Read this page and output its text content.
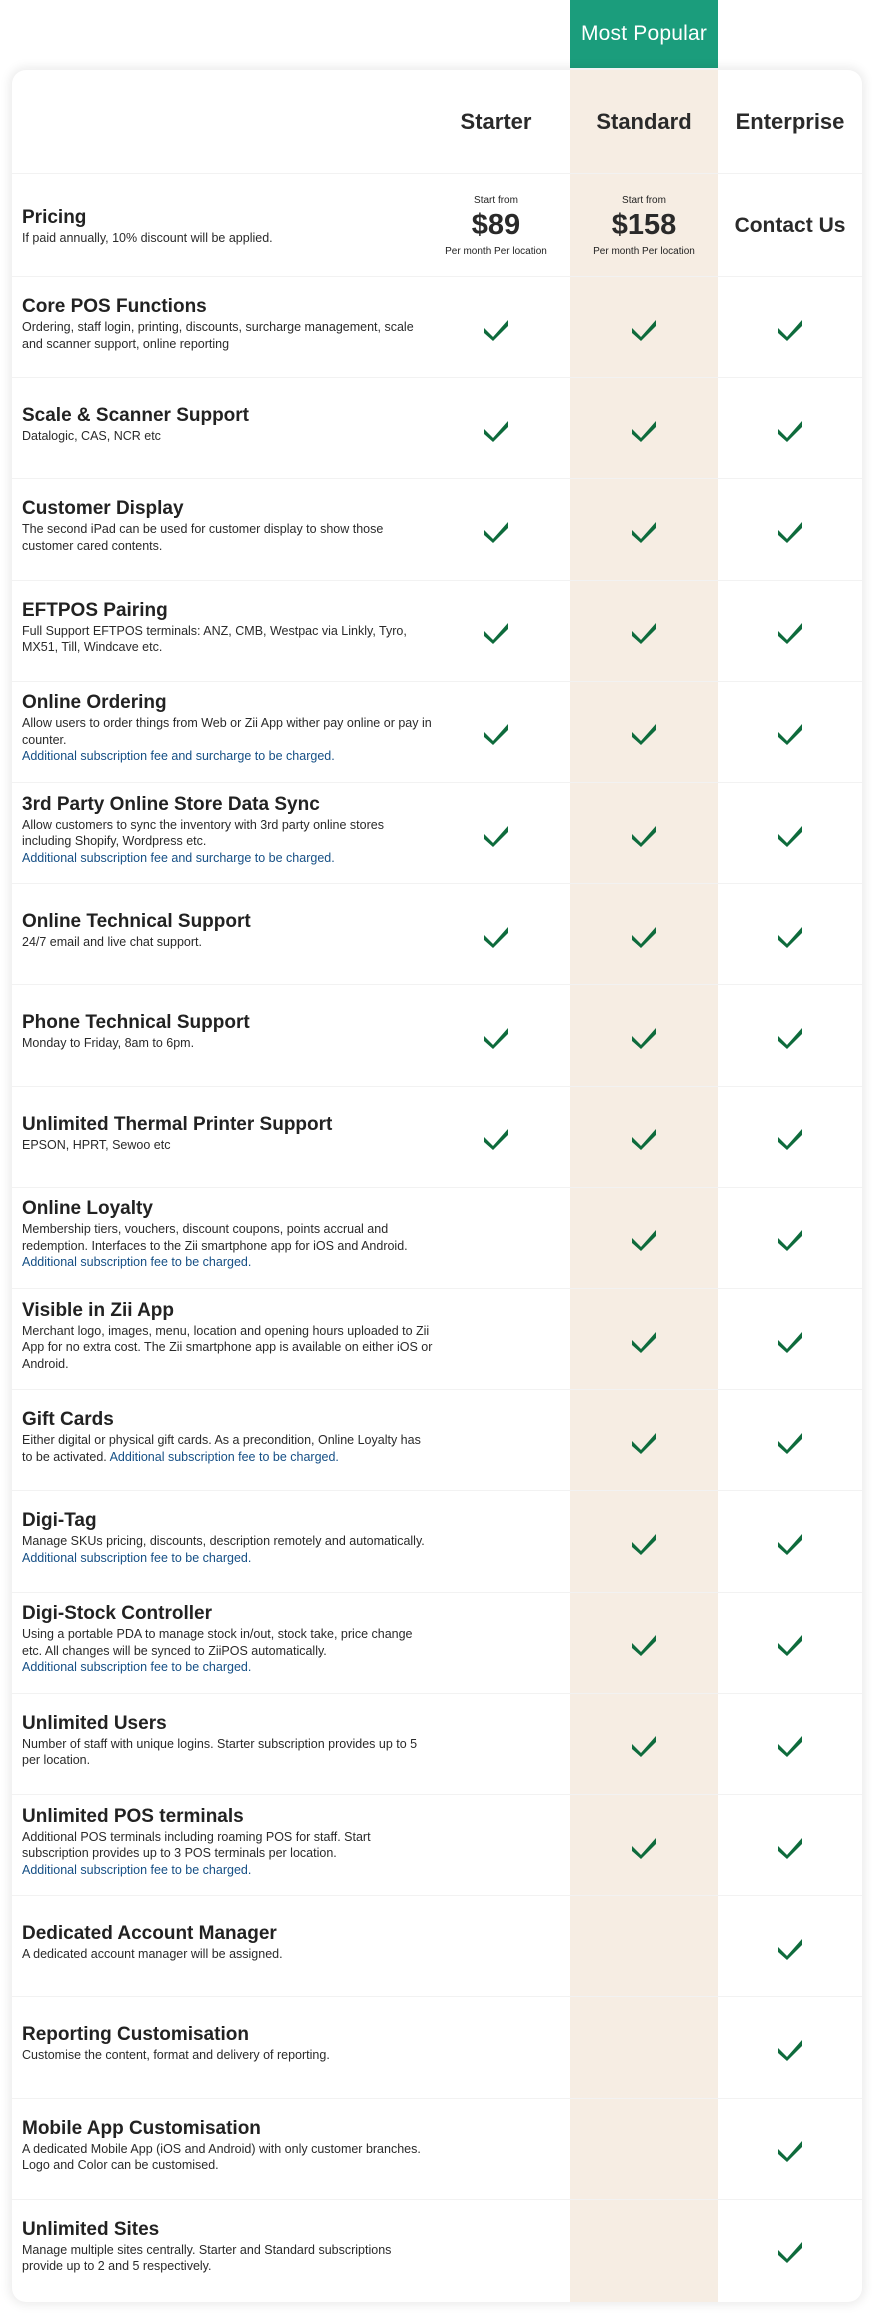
Most Popular
Starter	Standard Enterprise
Pricing
If paid annually, 10% discount will be applied.
Start from
$89
Per month Per location
Start from
$158
Per month Per location
Contact Us
Core POS Functions
Ordering, staff login, printing, discounts, surcharge management, scale and scanner support, online reporting
Scale & Scanner Support
Datalogic, CAS, NCR etc
Customer Display
The second iPad can be used for customer display to show those customer cared contents.
EFTPOS Pairing
Full Support EFTPOS terminals: ANZ, CMB, Westpac via Linkly, Tyro, MX51, Till, Windcave etc.
Online Ordering
Allow users to order things from Web or Zii App wither pay online or pay in counter.
Additional subscription fee and surcharge to be charged.
3rd Party Online Store Data Sync
Allow customers to sync the inventory with 3rd party online stores including Shopify, Wordpress etc.
Additional subscription fee and surcharge to be charged.
Online Technical Support
24/7 email and live chat support.
Phone Technical Support
Monday to Friday, 8am to 6pm.
Unlimited Thermal Printer Support
EPSON, HPRT, Sewoo etc
Online Loyalty
Membership tiers, vouchers, discount coupons, points accrual and redemption. Interfaces to the Zii smartphone app for iOS and Android.
Additional subscription fee to be charged.
Visible in Zii App
Merchant logo, images, menu, location and opening hours uploaded to Zii App for no extra cost. The Zii smartphone app is available on either iOS or Android.
Gift Cards
Either digital or physical gift cards. As a precondition, Online Loyalty has to be activated. Additional subscription fee to be charged.
Digi-Tag
Manage SKUs pricing, discounts, description remotely and automatically.
Additional subscription fee to be charged.
Digi-Stock Controller
Using a portable PDA to manage stock in/out, stock take, price change etc. All changes will be synced to ZiiPOS automatically.
Additional subscription fee to be charged.
Unlimited Users
Number of staff with unique logins. Starter subscription provides up to 5 per location.
Unlimited POS terminals
Additional POS terminals including roaming POS for staff. Start subscription provides up to 3 POS terminals per location.
Additional subscription fee to be charged.
Dedicated Account Manager
A dedicated account manager will be assigned.
Reporting Customisation
Customise the content, format and delivery of reporting.
Mobile App Customisation
A dedicated Mobile App (iOS and Android) with only customer branches. Logo and Color can be customised.
Unlimited Sites
Manage multiple sites centrally. Starter and Standard subscriptions provide up to 2 and 5 respectively.
